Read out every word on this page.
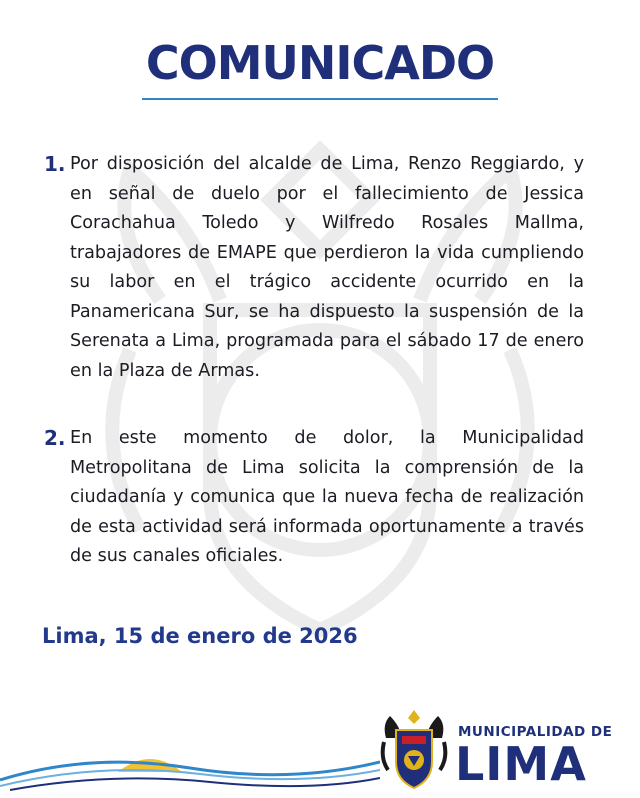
COMUNICADO
1. Por disposición del alcalde de Lima, Renzo Reggiardo, y en señal de duelo por el fallecimiento de Jessica Corachahua Toledo y Wilfredo Rosales Mallma, trabajadores de EMAPE que perdieron la vida cumpliendo su labor en el trágico accidente ocurrido en la Panamericana Sur, se ha dispuesto la suspensión de la Serenata a Lima, programada para el sábado 17 de enero en la Plaza de Armas.
2. En este momento de dolor, la Municipalidad Metropolitana de Lima solicita la comprensión de la ciudadanía y comunica que la nueva fecha de realización de esta actividad será informada oportunamente a través de sus canales oficiales.
Lima, 15 de enero de 2026
MUNICIPALIDAD DE
LIMA
